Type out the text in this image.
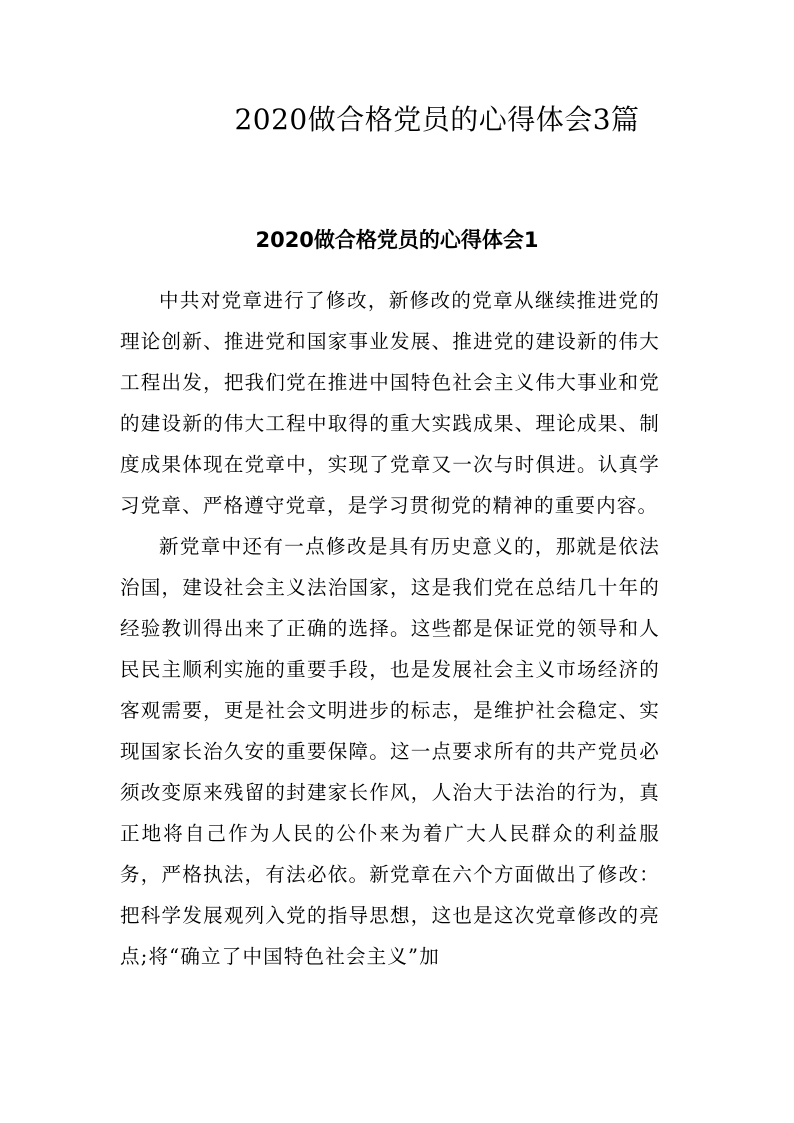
2020做合格党员的心得体会3篇
2020做合格党员的心得体会1

中共对党章进行了修改，新修改的党章从继续推进党的理论创新、推进党和国家事业发展、推进党的建设新的伟大工程出发，把我们党在推进中国特色社会主义伟大事业和党的建设新的伟大工程中取得的重大实践成果、理论成果、制度成果体现在党章中，实现了党章又一次与时俱进。认真学习党章、严格遵守党章，是学习贯彻党的精神的重要内容。

新党章中还有一点修改是具有历史意义的，那就是依法治国，建设社会主义法治国家，这是我们党在总结几十年的经验教训得出来了正确的选择。这些都是保证党的领导和人民民主顺利实施的重要手段，也是发展社会主义市场经济的客观需要，更是社会文明进步的标志，是维护社会稳定、实现国家长治久安的重要保障。这一点要求所有的共产党员必须改变原来残留的封建家长作风，人治大于法治的行为，真正地将自己作为人民的公仆来为着广大人民群众的利益服务，严格执法，有法必依。新党章在六个方面做出了修改：把科学发展观列入党的指导思想，这也是这次党章修改的亮点;将“确立了中国特色社会主义”加
